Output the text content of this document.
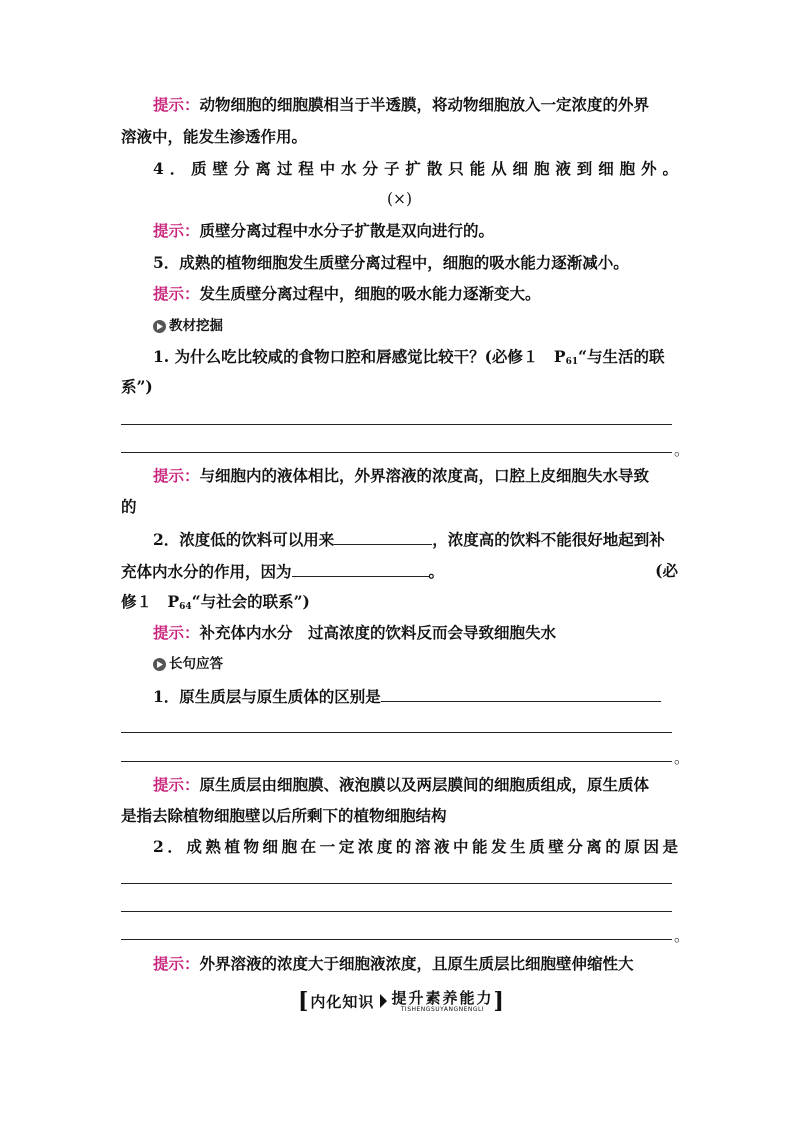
提示：动物细胞的细胞膜相当于半透膜，将动物细胞放入一定浓度的外界
溶液中，能发生渗透作用。
4．质壁分离过程中水分子扩散只能从细胞液到细胞外。
(×)
提示：质壁分离过程中水分子扩散是双向进行的。
5．成熟的植物细胞发生质壁分离过程中，细胞的吸水能力逐渐减小。
提示：发生质壁分离过程中，细胞的吸水能力逐渐变大。
教材挖掘
1. 为什么吃比较咸的食物口腔和唇感觉比较干？(必修１　$P_{61}“$与生活的联
系”)
。
提示：与细胞内的液体相比，外界溶液的浓度高，口腔上皮细胞失水导致
的
2．浓度低的饮料可以用来	，浓度高的饮料不能很好地起到补
充体内水分的作用，因为	。	(必
修１　$P_{64}“$与社会的联系”)
提示：补充体内水分　过高浓度的饮料反而会导致细胞失水
长句应答
1．原生质层与原生质体的区别是
。
提示：原生质层由细胞膜、液泡膜以及两层膜间的细胞质组成，原生质体
是指去除植物细胞壁以后所剩下的植物细胞结构
2．成熟植物细胞在一定浓度的溶液中能发生质壁分离的原因是
。
提示：外界溶液的浓度大于细胞液浓度，且原生质层比细胞壁伸缩性大
[ 内化知识 提升素养能力
TISHENGSUYANGNENGLI ]
